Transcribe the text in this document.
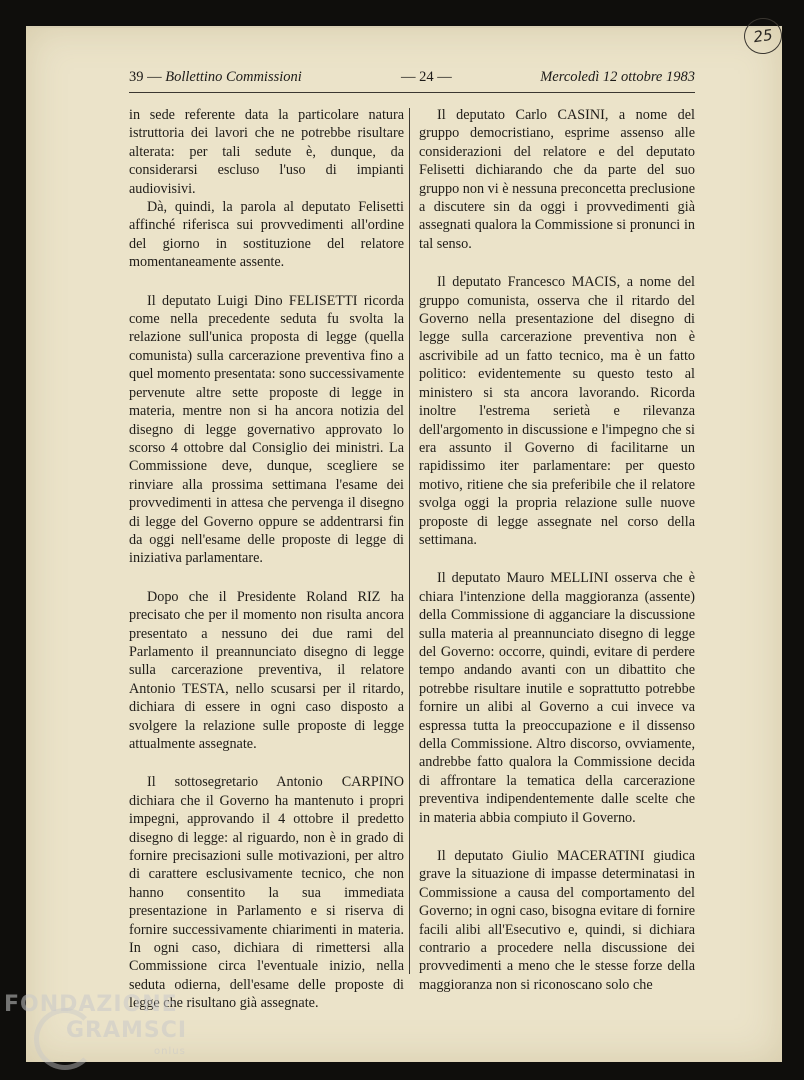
25
39 — Bollettino Commissioni	— 24 —	Mercoledì 12 ottobre 1983

in sede referente data la particolare natura istruttoria dei lavori che ne potrebbe risultare alterata: per tali sedute è, dunque, da considerarsi escluso l'uso di impianti audiovisivi.

Dà, quindi, la parola al deputato Felisetti affinché riferisca sui provvedimenti all'ordine del giorno in sostituzione del relatore momentaneamente assente.

Il deputato Luigi Dino FELISETTI ricorda come nella precedente seduta fu svolta la relazione sull'unica proposta di legge (quella comunista) sulla carcerazione preventiva fino a quel momento presentata: sono successivamente pervenute altre sette proposte di legge in materia, mentre non si ha ancora notizia del disegno di legge governativo approvato lo scorso 4 ottobre dal Consiglio dei ministri. La Commissione deve, dunque, scegliere se rinviare alla prossima settimana l'esame dei provvedimenti in attesa che pervenga il disegno di legge del Governo oppure se addentrarsi fin da oggi nell'esame delle proposte di legge di iniziativa parlamentare.

Dopo che il Presidente Roland RIZ ha precisato che per il momento non risulta ancora presentato a nessuno dei due rami del Parlamento il preannunciato disegno di legge sulla carcerazione preventiva, il relatore Antonio TESTA, nello scusarsi per il ritardo, dichiara di essere in ogni caso disposto a svolgere la relazione sulle proposte di legge attualmente assegnate.

Il sottosegretario Antonio CARPINO dichiara che il Governo ha mantenuto i propri impegni, approvando il 4 ottobre il predetto disegno di legge: al riguardo, non è in grado di fornire precisazioni sulle motivazioni, per altro di carattere esclusivamente tecnico, che non hanno consentito la sua immediata presentazione in Parlamento e si riserva di fornire successivamente chiarimenti in materia. In ogni caso, dichiara di rimettersi alla Commissione circa l'eventuale inizio, nella seduta odierna, dell'esame delle proposte di legge che risultano già assegnate.

Il deputato Carlo CASINI, a nome del gruppo democristiano, esprime assenso alle considerazioni del relatore e del deputato Felisetti dichiarando che da parte del suo gruppo non vi è nessuna preconcetta preclusione a discutere sin da oggi i provvedimenti già assegnati qualora la Commissione si pronunci in tal senso.

Il deputato Francesco MACIS, a nome del gruppo comunista, osserva che il ritardo del Governo nella presentazione del disegno di legge sulla carcerazione preventiva non è ascrivibile ad un fatto tecnico, ma è un fatto politico: evidentemente su questo testo al ministero si sta ancora lavorando. Ricorda inoltre l'estrema serietà e rilevanza dell'argomento in discussione e l'impegno che si era assunto il Governo di facilitarne un rapidissimo iter parlamentare: per questo motivo, ritiene che sia preferibile che il relatore svolga oggi la propria relazione sulle nuove proposte di legge assegnate nel corso della settimana.

Il deputato Mauro MELLINI osserva che è chiara l'intenzione della maggioranza (assente) della Commissione di agganciare la discussione sulla materia al preannunciato disegno di legge del Governo: occorre, quindi, evitare di perdere tempo andando avanti con un dibattito che potrebbe risultare inutile e soprattutto potrebbe fornire un alibi al Governo a cui invece va espressa tutta la preoccupazione e il dissenso della Commissione. Altro discorso, ovviamente, andrebbe fatto qualora la Commissione decida di affrontare la tematica della carcerazione preventiva indipendentemente dalle scelte che in materia abbia compiuto il Governo.

Il deputato Giulio MACERATINI giudica grave la situazione di impasse determinatasi in Commissione a causa del comportamento del Governo; in ogni caso, bisogna evitare di fornire facili alibi all'Esecutivo e, quindi, si dichiara contrario a procedere nella discussione dei provvedimenti a meno che le stesse forze della maggioranza non si riconoscano solo che

FONDAZIONE
GRAMSCI
onlus
